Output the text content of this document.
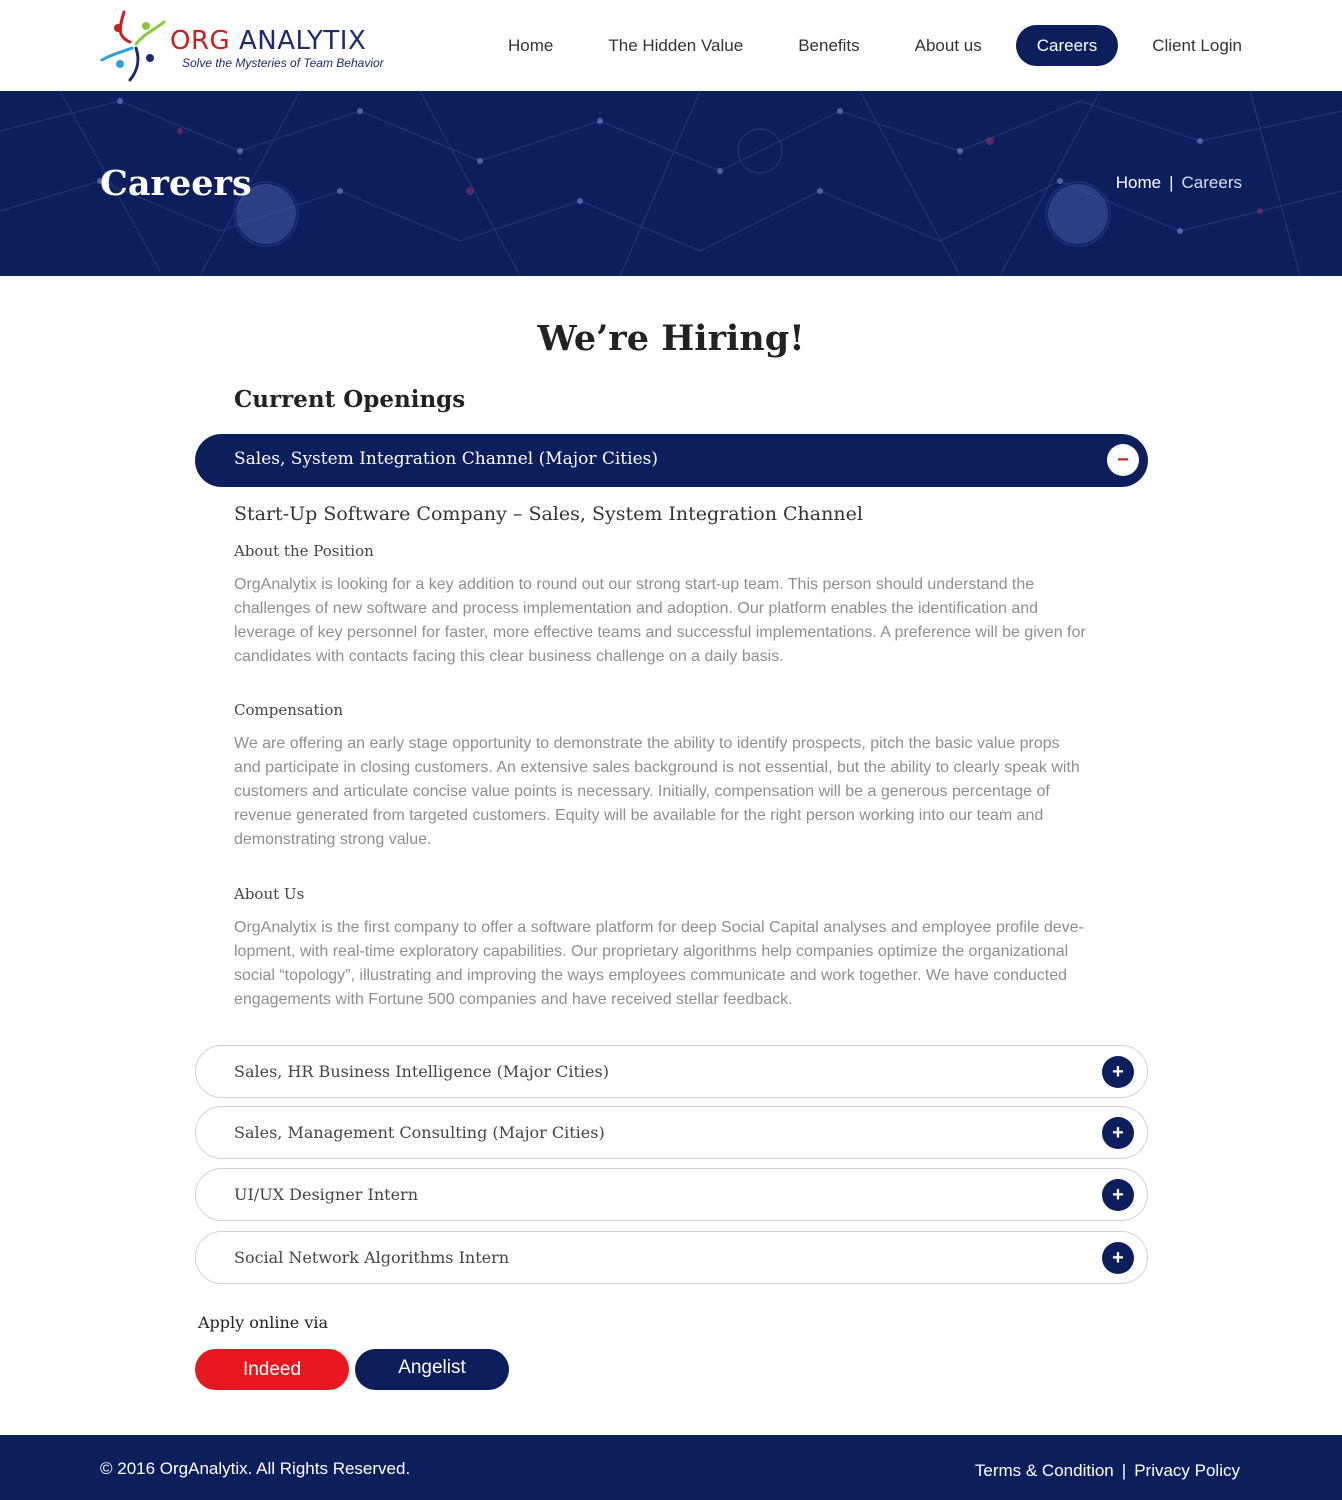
ORG ANALYTIX
Solve the Mysteries of Team Behavior
Home	The Hidden Value	Benefits	About us	Careers	Client Login
Careers	Home | Careers
We’re Hiring!
Current Openings
Sales, System Integration Channel (Major Cities)	−
Start-Up Software Company – Sales, System Integration Channel
About the Position
OrgAnalytix is looking for a key addition to round out our strong start-up team. This person should understand the
challenges of new software and process implementation and adoption. Our platform enables the identification and
leverage of key personnel for faster, more effective teams and successful implementations. A preference will be given for
candidates with contacts facing this clear business challenge on a daily basis.
Compensation
We are offering an early stage opportunity to demonstrate the ability to identify prospects, pitch the basic value props
and participate in closing customers. An extensive sales background is not essential, but the ability to clearly speak with
customers and articulate concise value points is necessary. Initially, compensation will be a generous percentage of
revenue generated from targeted customers. Equity will be available for the right person working into our team and
demonstrating strong value.
About Us
OrgAnalytix is the first company to offer a software platform for deep Social Capital analyses and employee profile deve-
lopment, with real-time exploratory capabilities. Our proprietary algorithms help companies optimize the organizational
social “topology”, illustrating and improving the ways employees communicate and work together. We have conducted
engagements with Fortune 500 companies and have received stellar feedback.
Sales, HR Business Intelligence (Major Cities)	+
Sales, Management Consulting (Major Cities)	+
UI/UX Designer Intern	+
Social Network Algorithms Intern	+
Apply online via
Indeed	Angelist
© 2016 OrgAnalytix. All Rights Reserved.	Terms & Condition | Privacy Policy
